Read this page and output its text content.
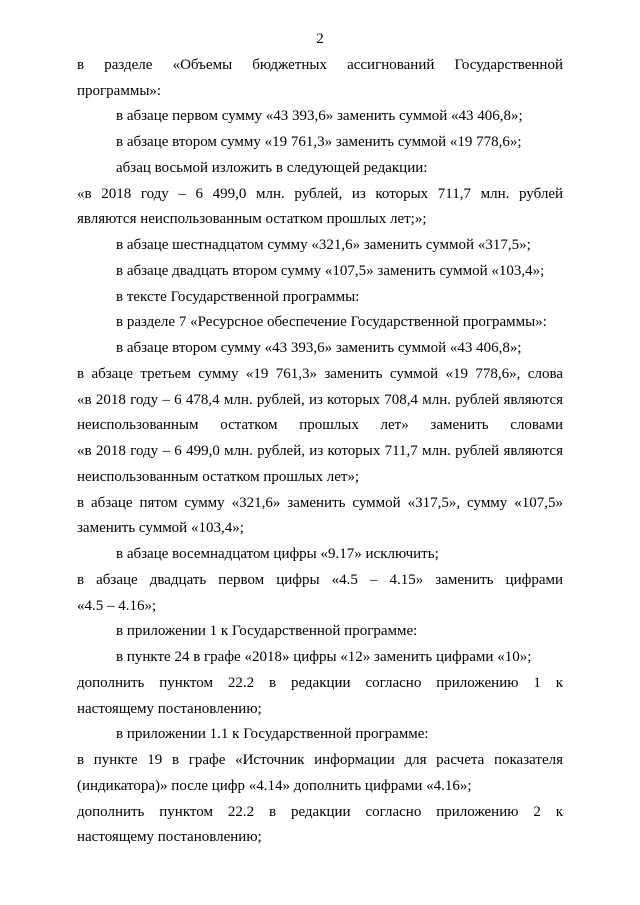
2
в разделе «Объемы бюджетных ассигнований Государственной
программы»:
в абзаце первом сумму «43 393,6» заменить суммой «43 406,8»;
в абзаце втором сумму «19 761,3» заменить суммой «19 778,6»;
абзац восьмой изложить в следующей редакции:
«в 2018 году – 6 499,0 млн. рублей, из которых 711,7 млн. рублей
являются неиспользованным остатком прошлых лет;»;
в абзаце шестнадцатом сумму «321,6» заменить суммой «317,5»;
в абзаце двадцать втором сумму «107,5» заменить суммой «103,4»;
в тексте Государственной программы:
в разделе 7 «Ресурсное обеспечение Государственной программы»:
в абзаце втором сумму «43 393,6» заменить суммой «43 406,8»;
в абзаце третьем сумму «19 761,3» заменить суммой «19 778,6», слова
«в 2018 году – 6 478,4 млн. рублей, из которых 708,4 млн. рублей являются
неиспользованным остатком прошлых лет» заменить словами
«в 2018 году – 6 499,0 млн. рублей, из которых 711,7 млн. рублей являются
неиспользованным остатком прошлых лет»;
в абзаце пятом сумму «321,6» заменить суммой «317,5», сумму «107,5»
заменить суммой «103,4»;
в абзаце восемнадцатом цифры «9.17» исключить;
в абзаце двадцать первом цифры «4.5 – 4.15» заменить цифрами
«4.5 – 4.16»;
в приложении 1 к Государственной программе:
в пункте 24 в графе «2018» цифры «12» заменить цифрами «10»;
дополнить пунктом 22.2 в редакции согласно приложению 1 к
настоящему постановлению;
в приложении 1.1 к Государственной программе:
в пункте 19 в графе «Источник информации для расчета показателя
(индикатора)» после цифр «4.14» дополнить цифрами «4.16»;
дополнить пунктом 22.2 в редакции согласно приложению 2 к
настоящему постановлению;
